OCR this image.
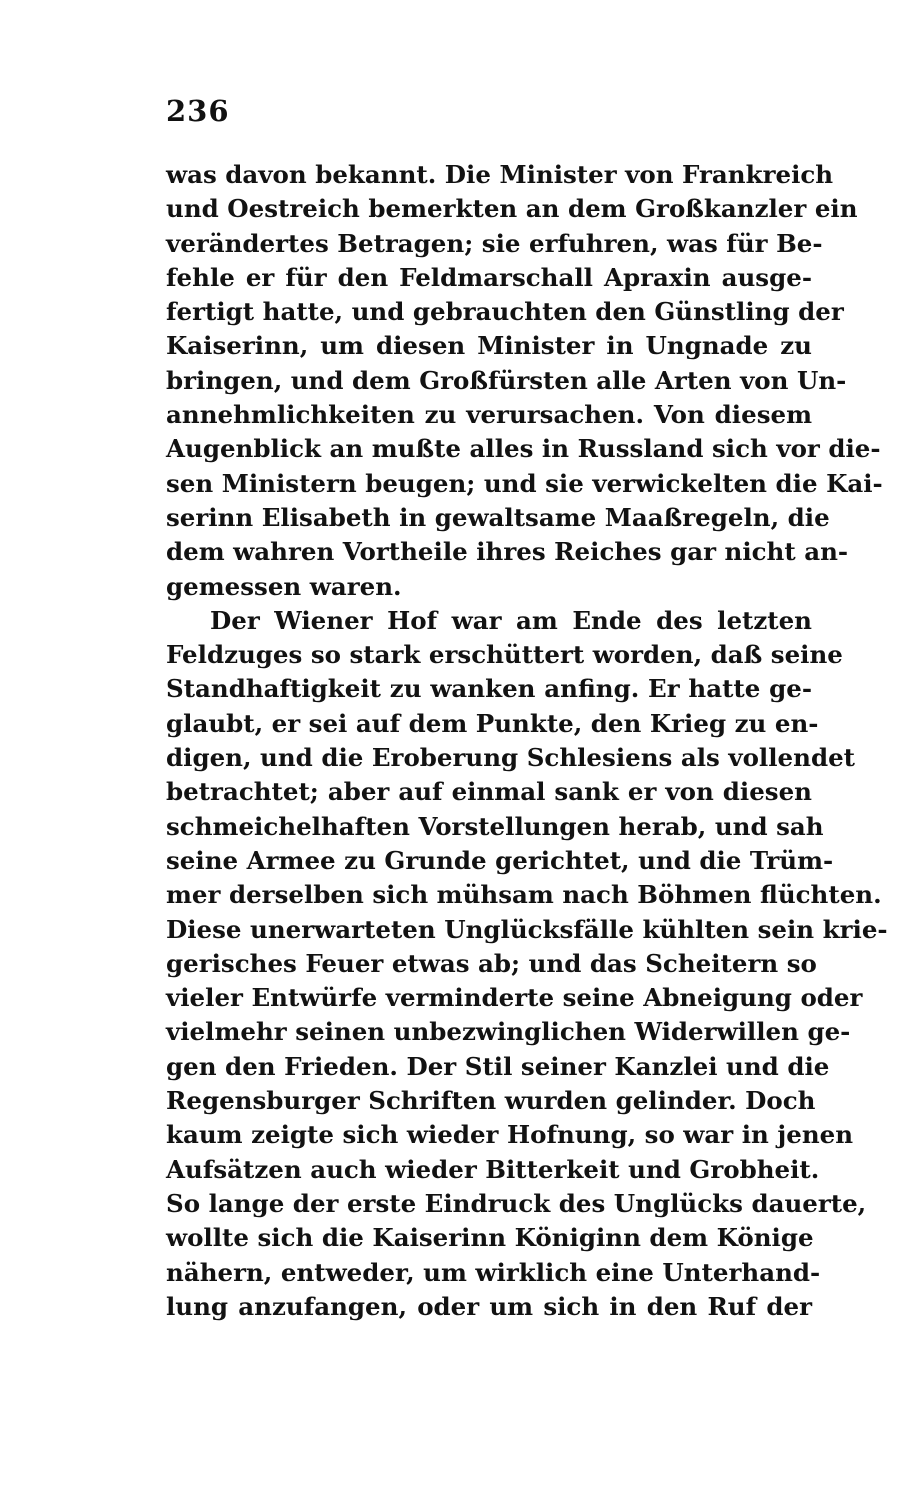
236
was davon bekannt. Die Minister von Frankreich
und Oestreich bemerkten an dem Großkanzler ein
verändertes Betragen; sie erfuhren, was für Be-
fehle er für den Feldmarschall Apraxin ausge-
fertigt hatte, und gebrauchten den Günstling der
Kaiserinn, um diesen Minister in Ungnade zu
bringen, und dem Großfürsten alle Arten von Un-
annehmlichkeiten zu verursachen. Von diesem
Augenblick an mußte alles in Russland sich vor die-
sen Ministern beugen; und sie verwickelten die Kai-
serinn Elisabeth in gewaltsame Maaßregeln, die
dem wahren Vortheile ihres Reiches gar nicht an-
gemessen waren.
Der Wiener Hof war am Ende des letzten
Feldzuges so stark erschüttert worden, daß seine
Standhaftigkeit zu wanken anfing. Er hatte ge-
glaubt, er sei auf dem Punkte, den Krieg zu en-
digen, und die Eroberung Schlesiens als vollendet
betrachtet; aber auf einmal sank er von diesen
schmeichelhaften Vorstellungen herab, und sah
seine Armee zu Grunde gerichtet, und die Trüm-
mer derselben sich mühsam nach Böhmen flüchten.
Diese unerwarteten Unglücksfälle kühlten sein krie-
gerisches Feuer etwas ab; und das Scheitern so
vieler Entwürfe verminderte seine Abneigung oder
vielmehr seinen unbezwinglichen Widerwillen ge-
gen den Frieden. Der Stil seiner Kanzlei und die
Regensburger Schriften wurden gelinder. Doch
kaum zeigte sich wieder Hofnung, so war in jenen
Aufsätzen auch wieder Bitterkeit und Grobheit.
So lange der erste Eindruck des Unglücks dauerte,
wollte sich die Kaiserinn Königinn dem Könige
nähern, entweder, um wirklich eine Unterhand-
lung anzufangen, oder um sich in den Ruf der
